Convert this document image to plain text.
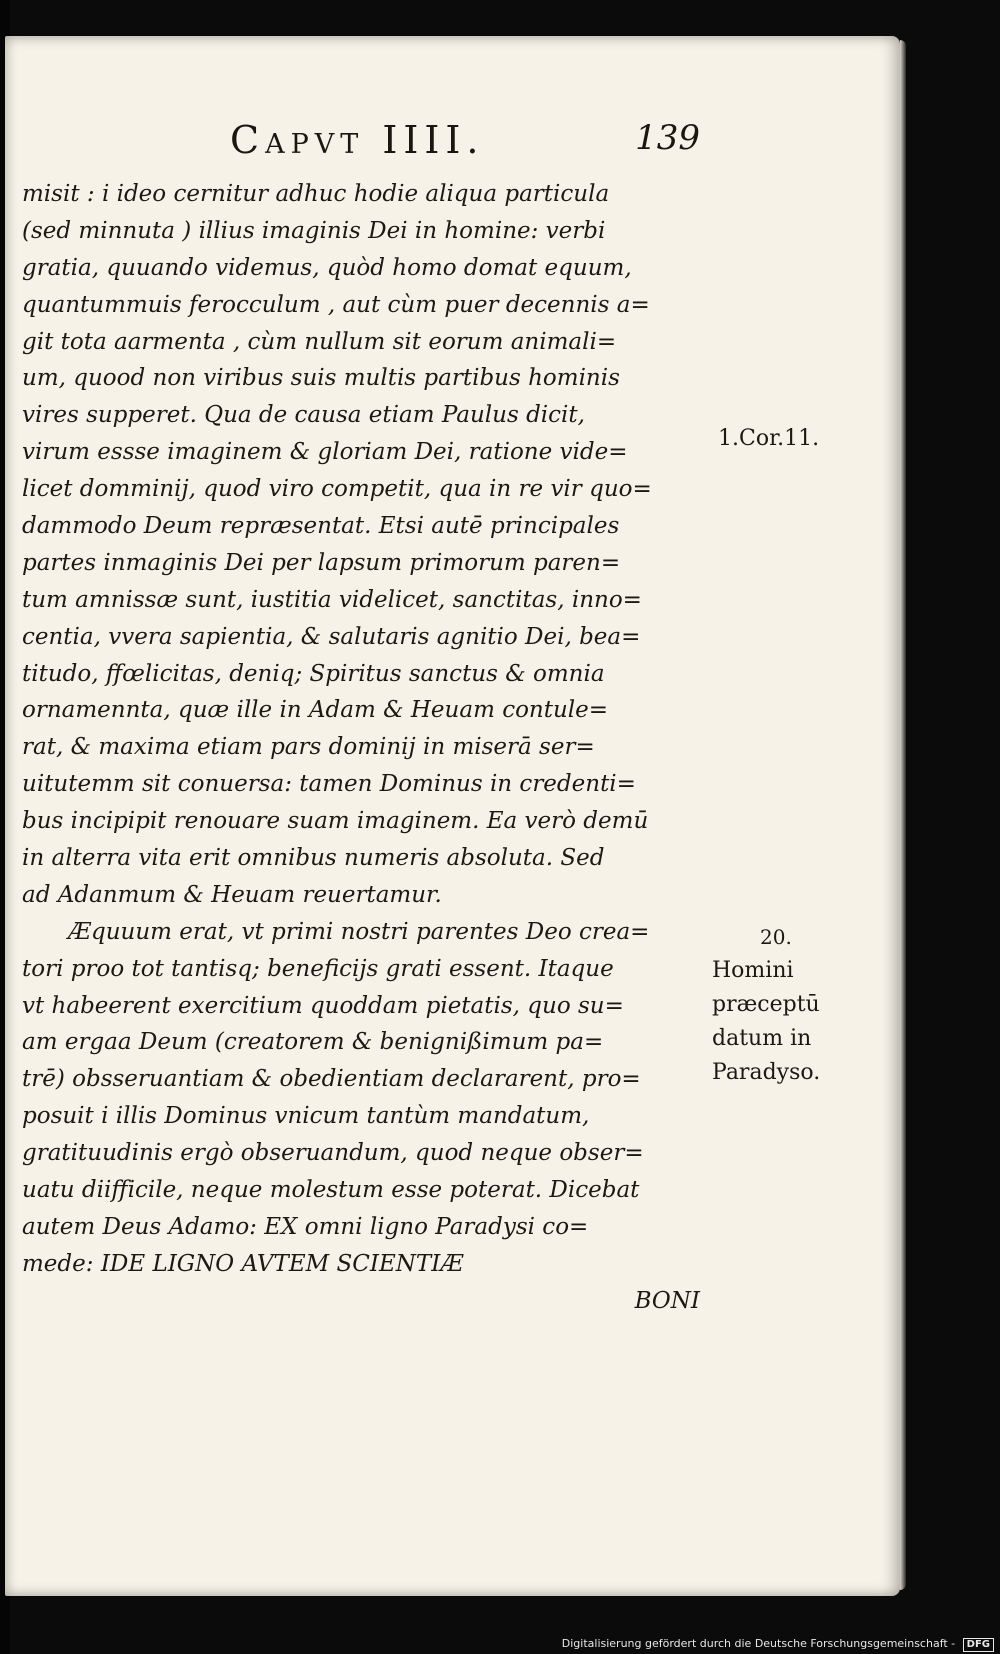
Capvt IIII.	139
misit : i ideo cernitur adhuc hodie aliqua particula
(sed minnuta ) illius imaginis Dei in homine: verbi
gratia, quuando videmus, quòd homo domat equum,
quantummuis ferocculum , aut cùm puer decennis a=
git tota aarmenta , cùm nullum sit eorum animali=
um, quood non viribus suis multis partibus hominis
vires supperet. Qua de causa etiam Paulus dicit,
virum essse imaginem & gloriam Dei, ratione vide=
licet domminij, quod viro competit, qua in re vir quo=
dammodo Deum repræsentat. Etsi autē principales
partes inmaginis Dei per lapsum primorum paren=
tum amnissæ sunt, iustitia videlicet, sanctitas, inno=
centia, vvera sapientia, & salutaris agnitio Dei, bea=
titudo, ffœlicitas, deniq; Spiritus sanctus & omnia
ornamennta, quæ ille in Adam & Heuam contule=
rat, & maxima etiam pars dominij in miserā ser=
uitutemm sit conuersa: tamen Dominus in credenti=
bus incipipit renouare suam imaginem. Ea verò demū
in alterra vita erit omnibus numeris absoluta. Sed
ad Adanmum & Heuam reuertamur.
Æquuum erat, vt primi nostri parentes Deo crea=
tori proo tot tantisq; beneficijs grati essent. Itaque
vt habeerent exercitium quoddam pietatis, quo su=
am ergaa Deum (creatorem & benignißimum pa=
trē) obsseruantiam & obedientiam declararent, pro=
posuit i illis Dominus vnicum tantùm mandatum,
gratituudinis ergò obseruandum, quod neque obser=
uatu diifficile, neque molestum esse poterat. Dicebat
autem Deus Adamo: EX omni ligno Paradysi co=
mede: IDE LIGNO AVTEM SCIENTIÆ
BONI
1.Cor.11.
20.
Homini
præceptū
datum in
Paradyso.
Digitalisierung gefördert durch die Deutsche Forschungsgemeinschaft - DFG
